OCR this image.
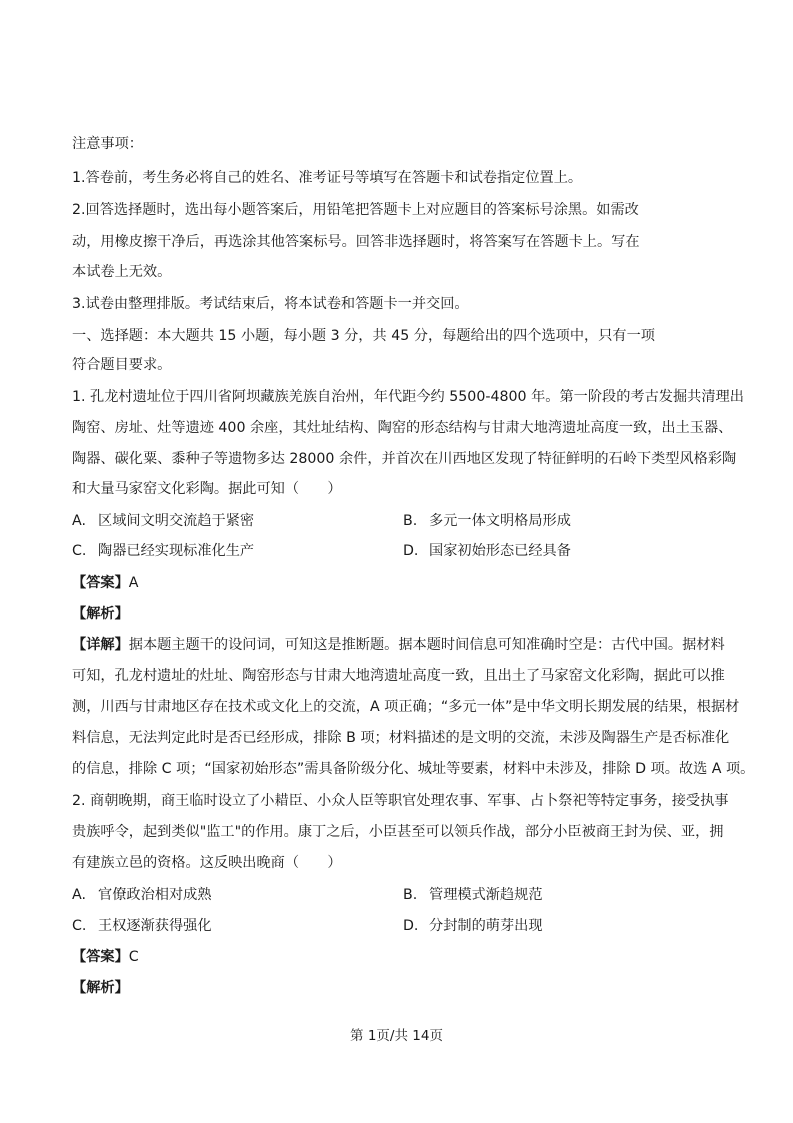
注意事项：
1.答卷前，考生务必将自己的姓名、准考证号等填写在答题卡和试卷指定位置上。
2.回答选择题时，选出每小题答案后，用铅笔把答题卡上对应题目的答案标号涂黑。如需改
动，用橡皮擦干净后，再选涂其他答案标号。回答非选择题时，将答案写在答题卡上。写在
本试卷上无效。
3.试卷由整理排版。考试结束后，将本试卷和答题卡一并交回。
一、选择题：本大题共 15 小题，每小题 3 分，共 45 分，每题给出的四个选项中，只有一项
符合题目要求。
1. 孔龙村遗址位于四川省阿坝藏族羌族自治州，年代距今约 5500-4800 年。第一阶段的考古发掘共清理出
陶窑、房址、灶等遗迹 400 余座，其灶址结构、陶窑的形态结构与甘肃大地湾遗址高度一致，出土玉器、
陶器、碳化粟、黍种子等遗物多达 28000 余件，并首次在川西地区发现了特征鲜明的石岭下类型风格彩陶
和大量马家窑文化彩陶。据此可知（　　）
A. 区域间文明交流趋于紧密	B. 多元一体文明格局形成
C. 陶器已经实现标准化生产	D. 国家初始形态已经具备
【答案】A
【解析】
【详解】据本题主题干的设问词，可知这是推断题。据本题时间信息可知准确时空是：古代中国。据材料
可知，孔龙村遗址的灶址、陶窑形态与甘肃大地湾遗址高度一致，且出土了马家窑文化彩陶，据此可以推
测，川西与甘肃地区存在技术或文化上的交流，A 项正确；“多元一体”是中华文明长期发展的结果，根据材
料信息，无法判定此时是否已经形成，排除 B 项；材料描述的是文明的交流，未涉及陶器生产是否标准化
的信息，排除 C 项；“国家初始形态”需具备阶级分化、城址等要素，材料中未涉及，排除 D 项。故选 A 项。
2. 商朝晚期，商王临时设立了小耤臣、小众人臣等职官处理农事、军事、占卜祭祀等特定事务，接受执事
贵族呼令，起到类似"监工"的作用。康丁之后，小臣甚至可以领兵作战，部分小臣被商王封为侯、亚，拥
有建族立邑的资格。这反映出晚商（　　）
A. 官僚政治相对成熟	B. 管理模式渐趋规范
C. 王权逐渐获得强化	D. 分封制的萌芽出现
【答案】C
【解析】
第 1页/共 14页
